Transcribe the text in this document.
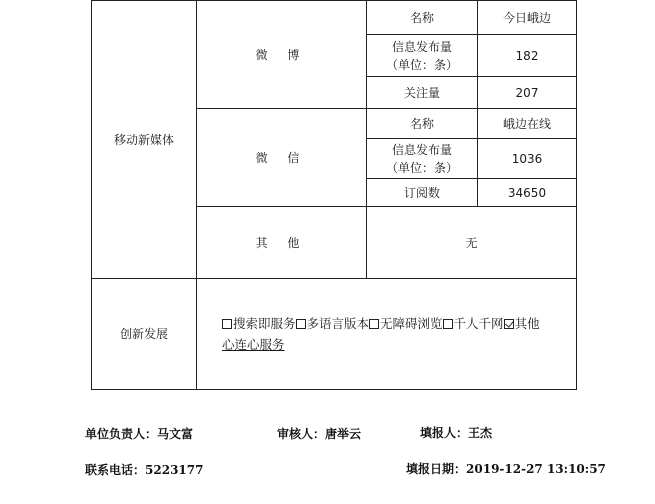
移动新媒体	微 博	名称	今日峨边

		信息发布量
（单位：条）	182
		关注量	207
	微 信	名称	峨边在线

		信息发布量
（单位：条）	1036
		订阅数	34650
	其 他	无	
创新发展	搜索即服务 多语言版本 无障碍浏览 千人千网 其他
心连心服务		
单位负责人：马文富	审核人：唐举云	填报人：王杰
联系电话：5223177	填报日期：2019-12-27 13:10:57
